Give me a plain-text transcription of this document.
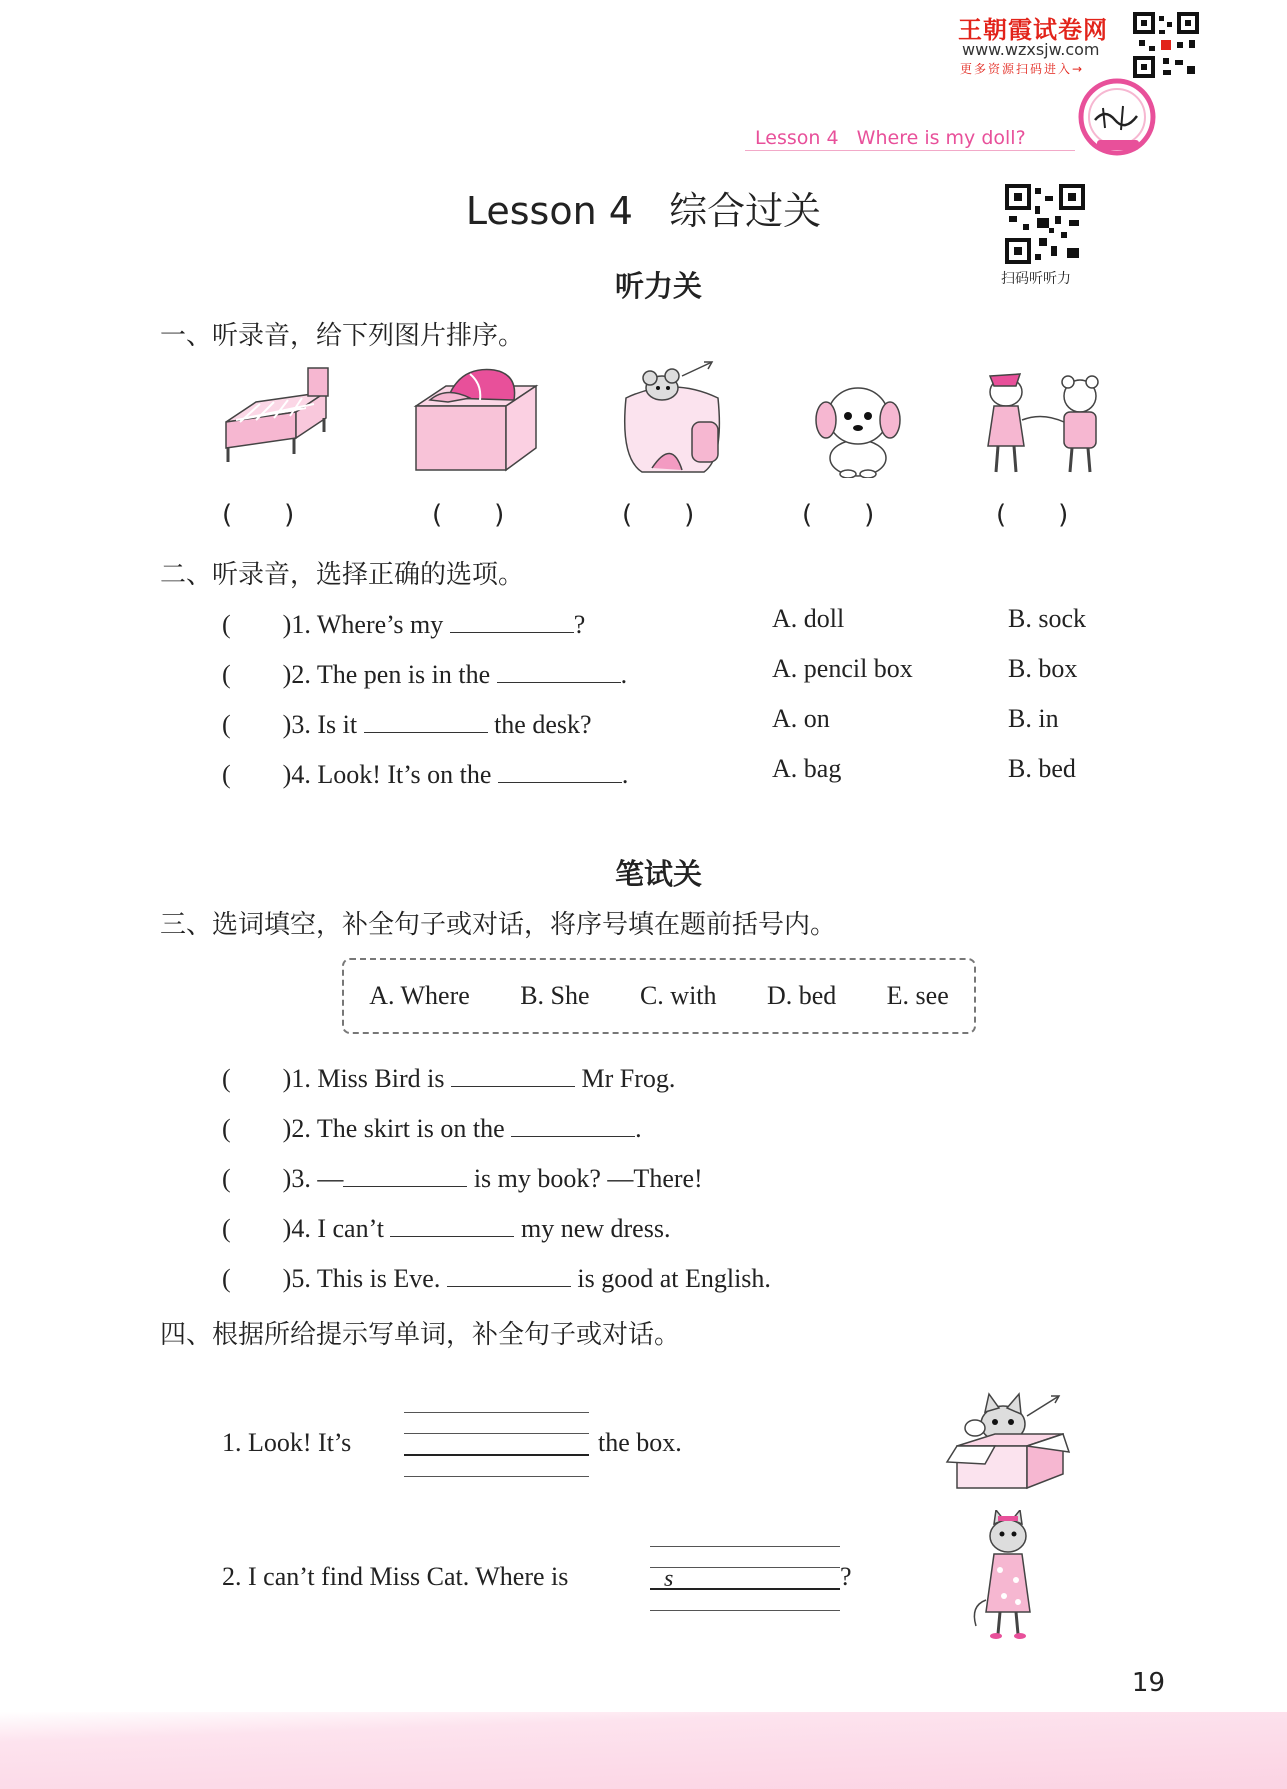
王朝霞试卷网
www.wzxsjw.com
更多资源扫码进入→
Lesson 4 Where is my doll?
Lesson 4   综合过关
扫码听听力
听力关
一、听录音，给下列图片排序。
(　　)	(　　)	(　　)	(　　)	(　　)
二、听录音，选择正确的选项。
(　　)1. Where’s my	?	A. doll	B. sock
(　　)2. The pen is in the	.	A. pencil box	B. box
(　　)3. Is it	the desk?	A. on	B. in
(　　)4. Look! It’s on the	.	A. bag	B. bed
笔试关
三、选词填空，补全句子或对话，将序号填在题前括号内。
A. Where B. She C. with D. bed E. see
(　　)1. Miss Bird is	Mr Frog.
(　　)2. The skirt is on the	.
(　　)3. —	is my book? —There!
(　　)4. I can’t	my new dress.
(　　)5. This is Eve.	is good at English.
四、根据所给提示写单词，补全句子或对话。
1. Look! It’s	the box.
2. I can’t find Miss Cat. Where is	s	?
19
